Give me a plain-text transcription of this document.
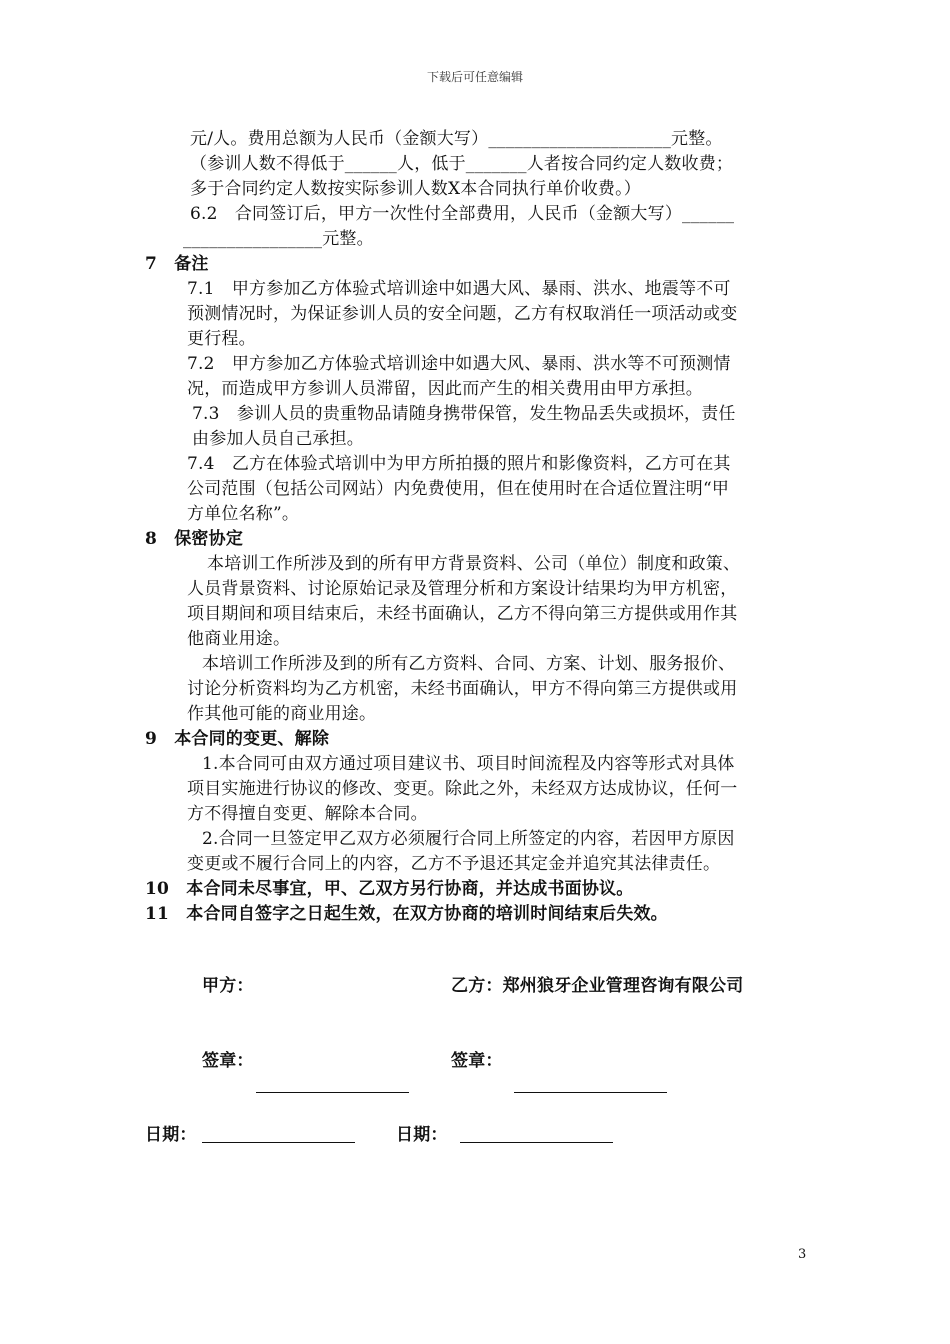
下载后可任意编辑
元/人。费用总额为人民币（金额大写）_____________________元整。
（参训人数不得低于______人，低于_______人者按合同约定人数收费；
多于合同约定人数按实际参训人数Χ本合同执行单价收费。）
6.2　合同签订后，甲方一次性付全部费用，人民币（金额大写）______
________________元整。
7　备注
7.1　甲方参加乙方体验式培训途中如遇大风、暴雨、洪水、地震等不可
预测情况时，为保证参训人员的安全问题，乙方有权取消任一项活动或变
更行程。
7.2　甲方参加乙方体验式培训途中如遇大风、暴雨、洪水等不可预测情
况，而造成甲方参训人员滞留，因此而产生的相关费用由甲方承担。
7.3　参训人员的贵重物品请随身携带保管，发生物品丢失或损坏，责任
由参加人员自己承担。
7.4　乙方在体验式培训中为甲方所拍摄的照片和影像资料，乙方可在其
公司范围（包括公司网站）内免费使用，但在使用时在合适位置注明“甲
方单位名称”。
8　保密协定
本培训工作所涉及到的所有甲方背景资料、公司（单位）制度和政策、
人员背景资料、讨论原始记录及管理分析和方案设计结果均为甲方机密，
项目期间和项目结束后，未经书面确认，乙方不得向第三方提供或用作其
他商业用途。
本培训工作所涉及到的所有乙方资料、合同、方案、计划、服务报价、
讨论分析资料均为乙方机密，未经书面确认，甲方不得向第三方提供或用
作其他可能的商业用途。
9　本合同的变更、解除
1.本合同可由双方通过项目建议书、项目时间流程及内容等形式对具体
项目实施进行协议的修改、变更。除此之外，未经双方达成协议，任何一
方不得擅自变更、解除本合同。
2.合同一旦签定甲乙双方必须履行合同上所签定的内容，若因甲方原因
变更或不履行合同上的内容，乙方不予退还其定金并追究其法律责任。
10　本合同未尽事宜，甲、乙双方另行协商，并达成书面协议。
11　本合同自签字之日起生效，在双方协商的培训时间结束后失效。
甲方：	乙方：郑州狼牙企业管理咨询有限公司
签章：	签章：
日期：	日期：
3
